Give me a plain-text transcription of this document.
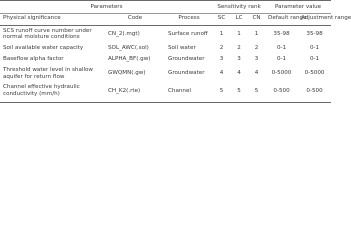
Parameters			Sensitivity rank			Parameter value	
Physical significance	Code	Process	SC	LC	CN	Default range	Adjustment range
SCS runoff curve number under normal moisture conditions	CN_2(.mgt)	Surface runoff	1	1	1	35-98	35-98
Soil available water capacity	SOL_AWC(.sol)	Soil water	2	2	2	0-1	0-1
Baseflow alpha factor	ALPHA_BF(.gw)	Groundwater	3	3	3	0-1	0-1
Threshold water level in shallow aquifer for return flow	GWQMN(.gw)	Groundwater	4	4	4	0-5000	0-5000
Channel effective hydraulic conductivity (mm/h)	CH_K2(.rte)	Channel	5	5	5	0-500	0-500
